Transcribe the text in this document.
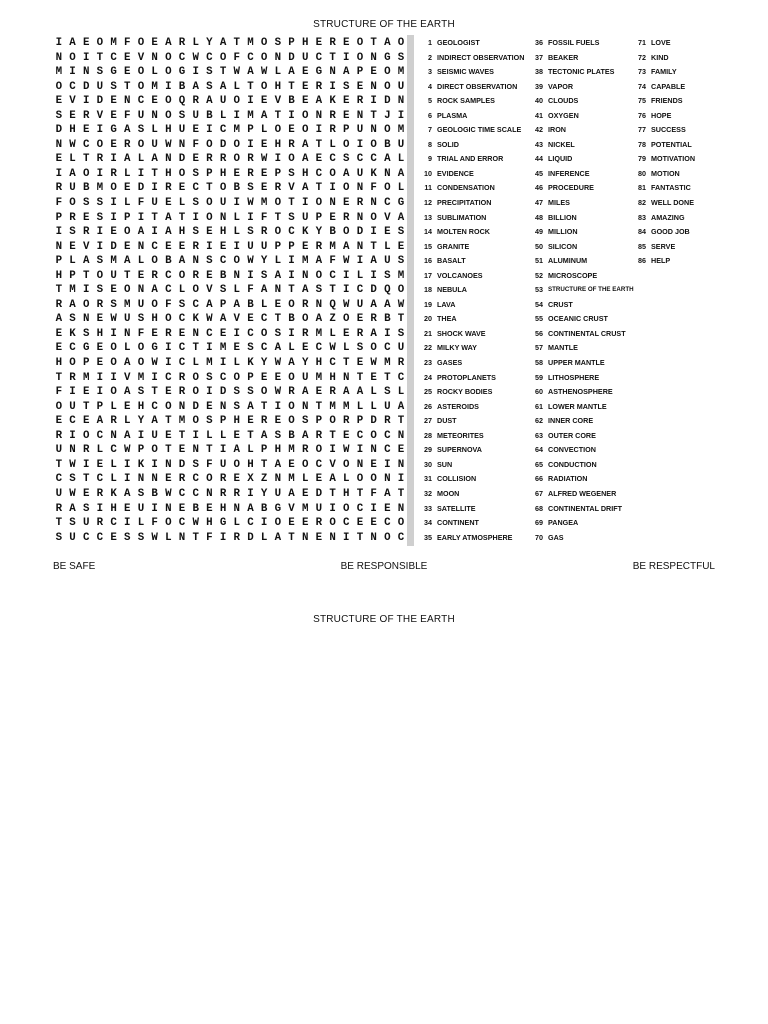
STRUCTURE OF THE EARTH
I A E O M F O E A R L Y A T M O S P H E R E O T A O
N O I T C E V N O C W C O F C O N D U C T I O N G S
M I N S G E O L O G I S T W A W L A E G N A P E O M
O C D U S T O M I B A S A L T O H T E R I S E N O U
E V I D E N C E O Q R A U O I E V B E A K E R I D N
S E R V E F U N O S U B L I M A T I O N R E N T J I
D H E I G A S L H U E I C M P L O E O I R P U N O M
N W C O E R O U W N F O D O I E H R A T L O I O B U
E L T R I A L A N D E R R O R W I O A E C S C C A L
I A O I R L I T H O S P H E R E P S H C O A U K N A
R U B M O E D I R E C T O B S E R V A T I O N F O L
F O S S I L F U E L S O U I W M O T I O N E R N C G
P R E S I P I T A T I O N L I F T S U P E R N O V A
I S R I E O A I A H S E H L S R O C K Y B O D I E S
N E V I D E N C E E R I E I U U P P E R M A N T L E
P L A S M A L O B A N S C O W Y L I M A F W I A U S
H P T O U T E R C O R E B N I S A I N O C I L I S M
T M I S E O N A C L O V S L F A N T A S T I C D Q O
R A O R S M U O F S C A P A B L E O R N Q W U A A W
A S N E W U S H O C K W A V E C T B O A Z O E R B T
E K S H I N F E R E N C E I C O S I R M L E R A I S
E C G E O L O G I C T I M E S C A L E C W L S O C U
H O P E O A O W I C L M I L K Y W A Y H C T E W M R
T R M I I V M I C R O S C O P E E O U M H N T E T C
F I E I O A S T E R O I D S S O W R A E R A A L S L
O U T P L E H C O N D E N S A T I O N T M M L L U A
E C E A R L Y A T M O S P H E R E O S P O R P D R T
R I O C N A I U E T I L L E T A S B A R T E C O C N
U N R L C W P O T E N T I A L P H M R O I W I N C E
T W I E L I K I N D S F U O H T A E O C V O N E I N
C S T C L I N N E R C O R E X Z N M L E A L O O N I
U W E R K A S B W C C N R R I Y U A E D T H T F A T
R A S I H E U I N E B E H N A B G V M U I O C I E N
T S U R C I L F O C W H G L C I O E E R O C E E C O
S U C C E S S W L N T F I R D L A T N E N I T N O C
1 GEOLOGIST
2 INDIRECT OBSERVATION
3 SEISMIC WAVES
4 DIRECT OBSERVATION
5 ROCK SAMPLES
6 PLASMA
7 GEOLOGIC TIME SCALE
8 SOLID
9 TRIAL AND ERROR
10 EVIDENCE
11 CONDENSATION
12 PRECIPITATION
13 SUBLIMATION
14 MOLTEN ROCK
15 GRANITE
16 BASALT
17 VOLCANOES
18 NEBULA
19 LAVA
20 THEA
21 SHOCK WAVE
22 MILKY WAY
23 GASES
24 PROTOPLANETS
25 ROCKY BODIES
26 ASTEROIDS
27 DUST
28 METEORITES
29 SUPERNOVA
30 SUN
31 COLLISION
32 MOON
33 SATELLITE
34 CONTINENT
35 EARLY ATMOSPHERE
36 FOSSIL FUELS
37 BEAKER
38 TECTONIC PLATES
39 VAPOR
40 CLOUDS
41 OXYGEN
42 IRON
43 NICKEL
44 LIQUID
45 INFERENCE
46 PROCEDURE
47 MILES
48 BILLION
49 MILLION
50 SILICON
51 ALUMINUM
52 MICROSCOPE
53 STRUCTURE OF THE EARTH
54 CRUST
55 OCEANIC CRUST
56 CONTINENTAL CRUST
57 MANTLE
58 UPPER MANTLE
59 LITHOSPHERE
60 ASTHENOSPHERE
61 LOWER MANTLE
62 INNER CORE
63 OUTER CORE
64 CONVECTION
65 CONDUCTION
66 RADIATION
67 ALFRED WEGENER
68 CONTINENTAL DRIFT
69 PANGEA
70 GAS
71 LOVE
72 KIND
73 FAMILY
74 CAPABLE
75 FRIENDS
76 HOPE
77 SUCCESS
78 POTENTIAL
79 MOTIVATION
80 MOTION
81 FANTASTIC
82 WELL DONE
83 AMAZING
84 GOOD JOB
85 SERVE
86 HELP
BE SAFE	BE RESPONSIBLE	BE RESPECTFUL
STRUCTURE OF THE EARTH
